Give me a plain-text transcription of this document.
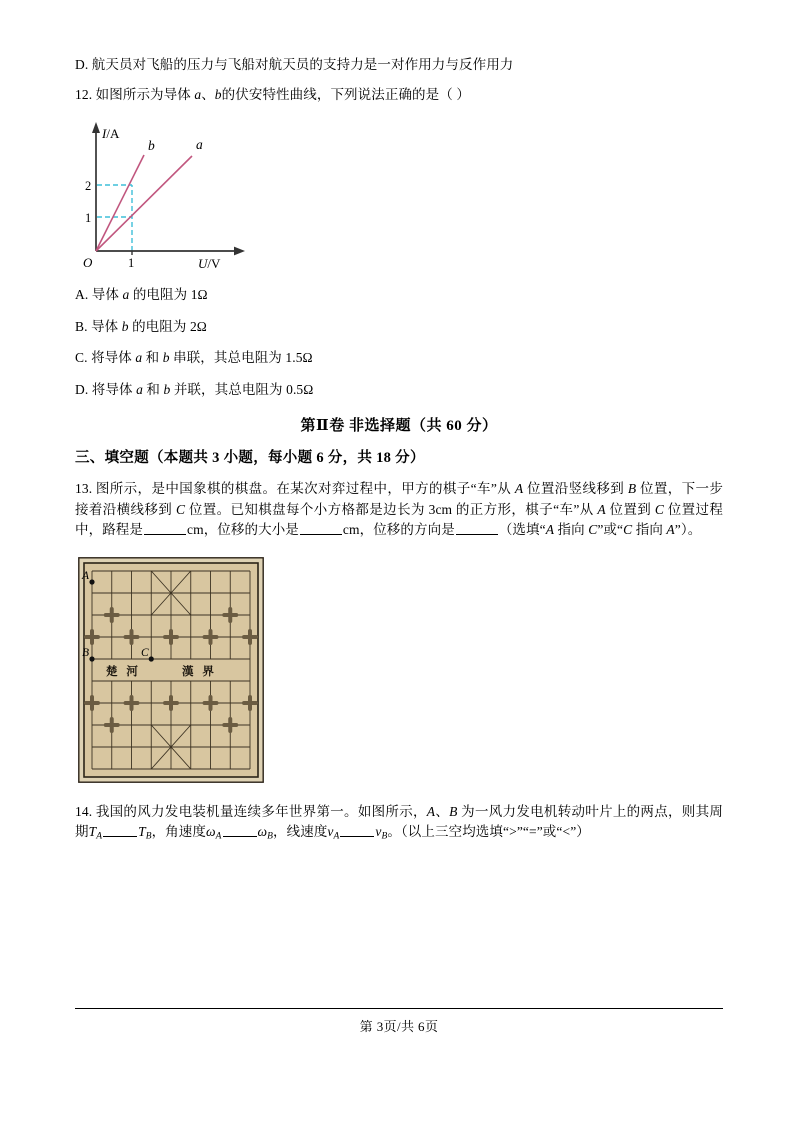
D. 航天员对飞船的压力与飞船对航天员的支持力是一对作用力与反作用力

12. 如图所示为导体 a、b的伏安特性曲线，下列说法正确的是（ ）

I/A
U/V
O	1
1
2
b	a

A. 导体 a 的电阻为 1Ω

B. 导体 b 的电阻为 2Ω

C. 将导体 a 和 b 串联，其总电阻为 1.5Ω

D. 将导体 a 和 b 并联，其总电阻为 0.5Ω

第Ⅱ卷 非选择题（共 60 分）

三、填空题（本题共 3 小题，每小题 6 分，共 18 分）

13. 图所示，是中国象棋的棋盘。在某次对弈过程中，甲方的棋子“车”从 A 位置沿竖线移到 B 位置，下一步接着沿横线移到 C 位置。已知棋盘每个小方格都是边长为 3cm 的正方形，棋子“车”从 A 位置到 C 位置过程中，路程是	cm，位移的大小是	cm，位移的方向是	（选填“A 指向 C”或“C 指向 A”）。

楚 河	漢 界
A
B	C

14. 我国的风力发电装机量连续多年世界第一。如图所示，A、B 为一风力发电机转动叶片上的两点，则其周期$T_A$	$T_B$，角速度$\omega_A$	$\omega_B$，线速度$v_A$	$v_B$。（以上三空均选填“>”“=”或“<”）

第 3页/共 6页
